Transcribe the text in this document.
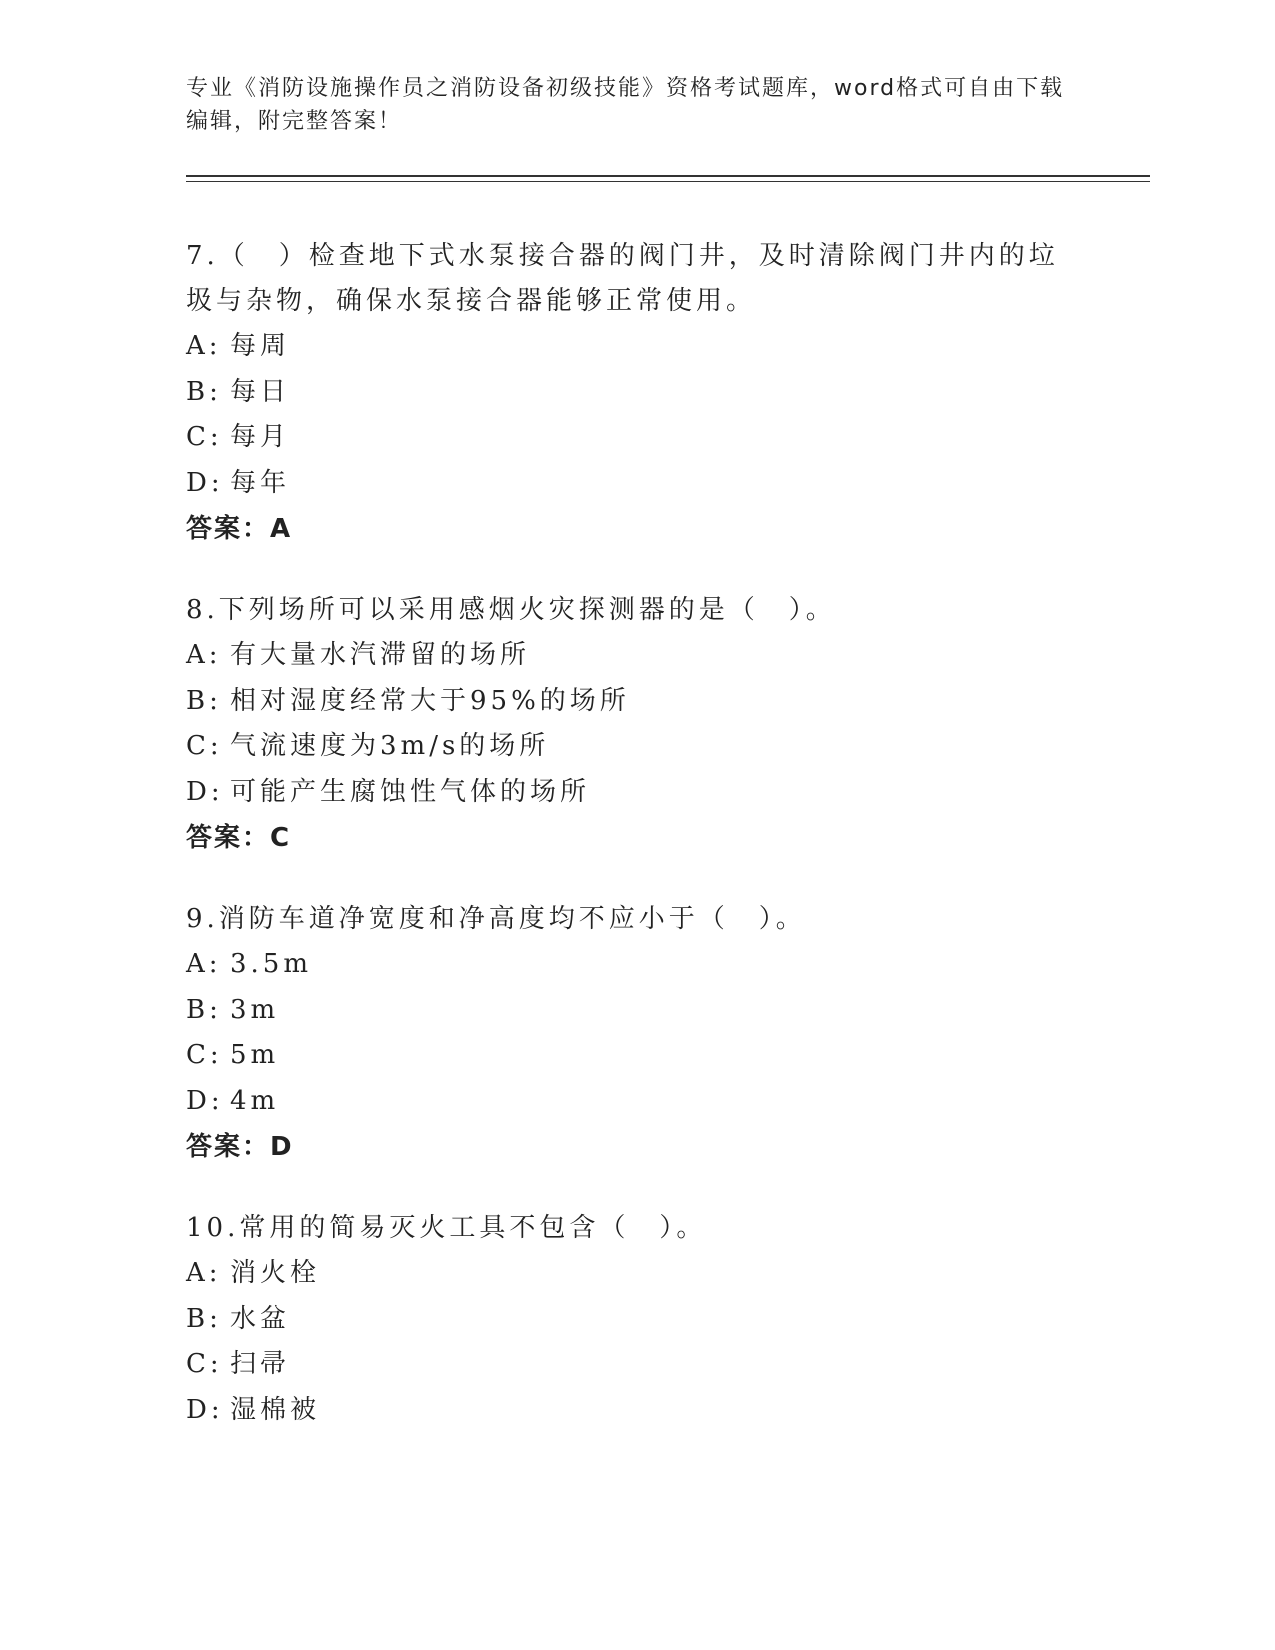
专业《消防设施操作员之消防设备初级技能》资格考试题库，word格式可自由下载编辑，附完整答案！

7.（　）检查地下式水泵接合器的阀门井，及时清除阀门井内的垃圾与杂物，确保水泵接合器能够正常使用。

A: 每周
B: 每日
C: 每月
D: 每年
答案：A

8.下列场所可以采用感烟火灾探测器的是（　）。

A: 有大量水汽滞留的场所
B: 相对湿度经常大于95%的场所
C: 气流速度为3m/s的场所
D: 可能产生腐蚀性气体的场所
答案：C

9.消防车道净宽度和净高度均不应小于（　）。

A: 3.5m
B: 3m
C: 5m
D: 4m
答案：D

10.常用的简易灭火工具不包含（　）。

A: 消火栓
B: 水盆
C: 扫帚
D: 湿棉被
